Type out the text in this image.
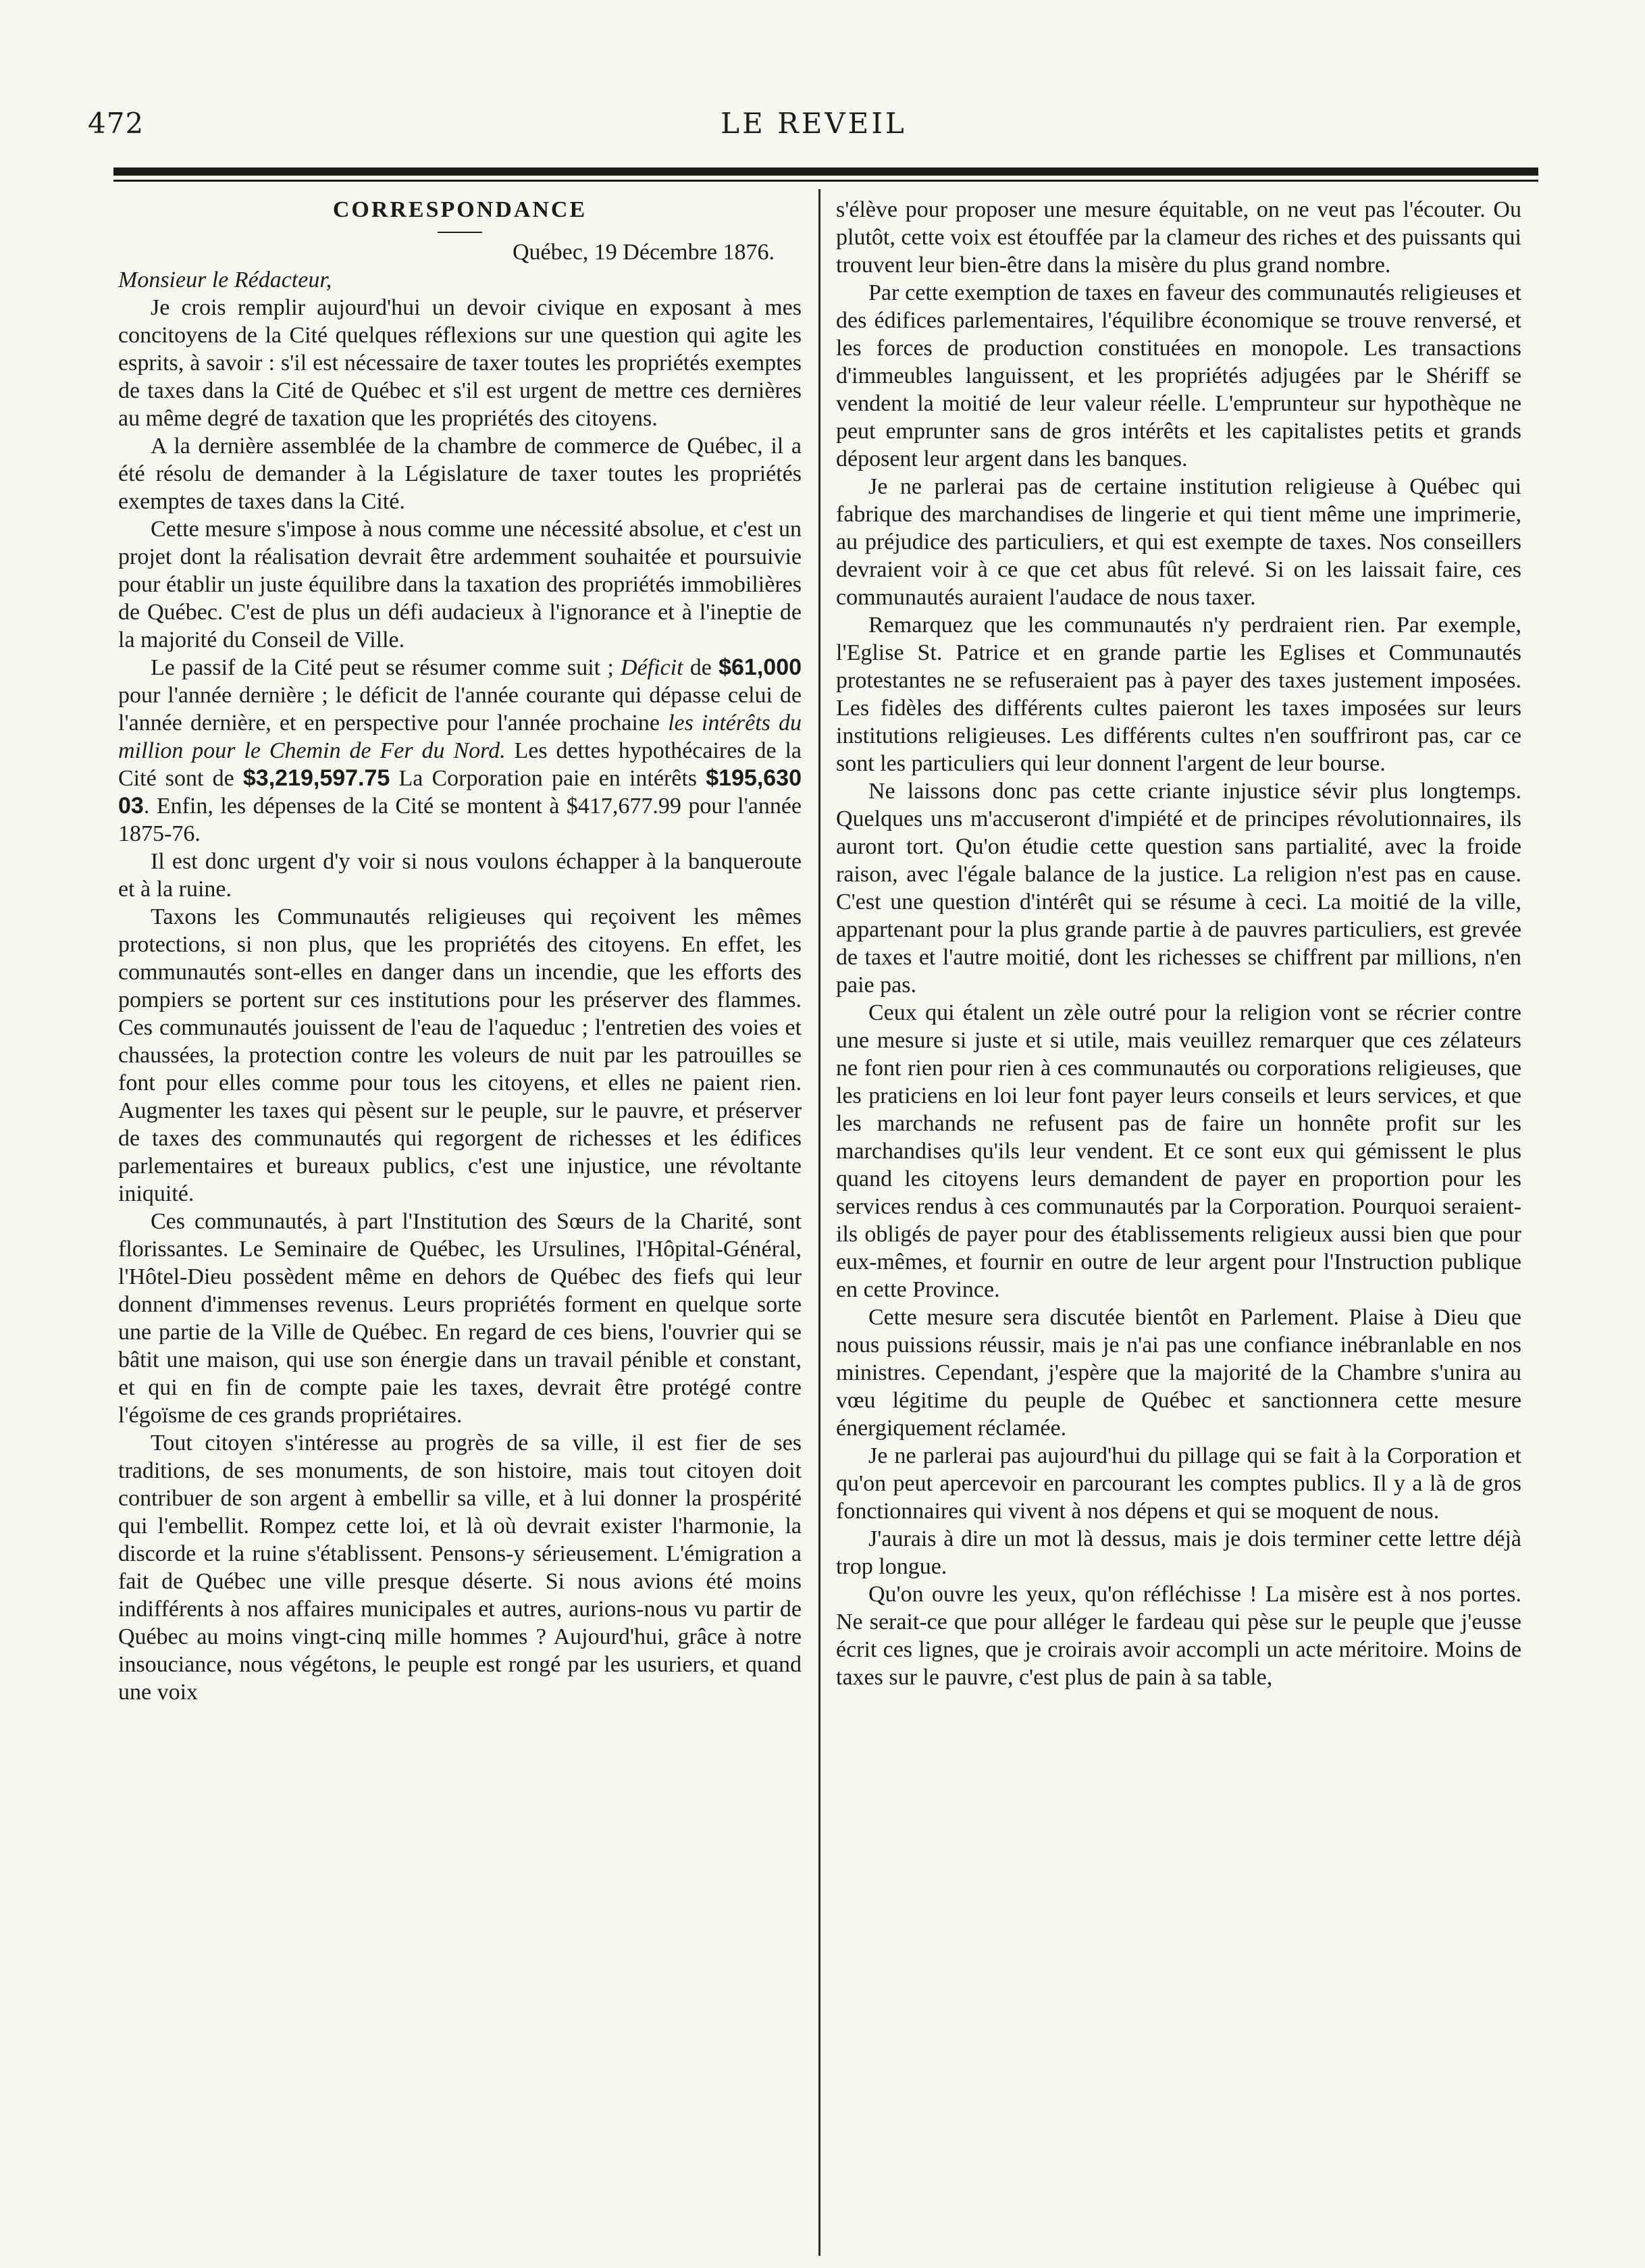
472	LE REVEIL
CORRESPONDANCE

Québec, 19 Décembre 1876.

Monsieur le Rédacteur,

Je crois remplir aujourd'hui un devoir civique en exposant à mes concitoyens de la Cité quelques réflexions sur une question qui agite les esprits, à savoir : s'il est nécessaire de taxer toutes les propriétés exemptes de taxes dans la Cité de Québec et s'il est urgent de mettre ces dernières au même degré de taxation que les propriétés des citoyens.

A la dernière assemblée de la chambre de commerce de Québec, il a été résolu de demander à la Législature de taxer toutes les propriétés exemptes de taxes dans la Cité.

Cette mesure s'impose à nous comme une nécessité absolue, et c'est un projet dont la réalisation devrait être ardemment souhaitée et poursuivie pour établir un juste équilibre dans la taxation des propriétés immobilières de Québec. C'est de plus un défi audacieux à l'ignorance et à l'ineptie de la majorité du Conseil de Ville.

Le passif de la Cité peut se résumer comme suit ; Déficit de $61,000 pour l'année dernière ; le déficit de l'année courante qui dépasse celui de l'année dernière, et en perspective pour l'année prochaine les intérêts du million pour le Chemin de Fer du Nord. Les dettes hypothécaires de la Cité sont de $3,219,597.75 La Corporation paie en intérêts $195,630 03. Enfin, les dépenses de la Cité se montent à $417,677.99 pour l'année 1875-76.

Il est donc urgent d'y voir si nous voulons échapper à la banqueroute et à la ruine.

Taxons les Communautés religieuses qui reçoivent les mêmes protections, si non plus, que les propriétés des citoyens. En effet, les communautés sont-elles en danger dans un incendie, que les efforts des pompiers se portent sur ces institutions pour les préserver des flammes. Ces communautés jouissent de l'eau de l'aqueduc ; l'entretien des voies et chaussées, la protection contre les voleurs de nuit par les patrouilles se font pour elles comme pour tous les citoyens, et elles ne paient rien. Augmenter les taxes qui pèsent sur le peuple, sur le pauvre, et préserver de taxes des communautés qui regorgent de richesses et les édifices parlementaires et bureaux publics, c'est une injustice, une révoltante iniquité.

Ces communautés, à part l'Institution des Sœurs de la Charité, sont florissantes. Le Seminaire de Québec, les Ursulines, l'Hôpital-Général, l'Hôtel-Dieu possèdent même en dehors de Québec des fiefs qui leur donnent d'immenses revenus. Leurs propriétés forment en quelque sorte une partie de la Ville de Québec. En regard de ces biens, l'ouvrier qui se bâtit une maison, qui use son énergie dans un travail pénible et constant, et qui en fin de compte paie les taxes, devrait être protégé contre l'égoïsme de ces grands propriétaires.

Tout citoyen s'intéresse au progrès de sa ville, il est fier de ses traditions, de ses monuments, de son histoire, mais tout citoyen doit contribuer de son argent à embellir sa ville, et à lui donner la prospérité qui l'embellit. Rompez cette loi, et là où devrait exister l'harmonie, la discorde et la ruine s'établissent. Pensons-y sérieusement. L'émigration a fait de Québec une ville presque déserte. Si nous avions été moins indifférents à nos affaires municipales et autres, aurions-nous vu partir de Québec au moins vingt-cinq mille hommes ? Aujourd'hui, grâce à notre insouciance, nous végétons, le peuple est rongé par les usuriers, et quand une voix

s'élève pour proposer une mesure équitable, on ne veut pas l'écouter. Ou plutôt, cette voix est étouffée par la clameur des riches et des puissants qui trouvent leur bien-être dans la misère du plus grand nombre.

Par cette exemption de taxes en faveur des communautés religieuses et des édifices parlementaires, l'équilibre économique se trouve renversé, et les forces de production constituées en monopole. Les transactions d'immeubles languissent, et les propriétés adjugées par le Shériff se vendent la moitié de leur valeur réelle. L'emprunteur sur hypothèque ne peut emprunter sans de gros intérêts et les capitalistes petits et grands déposent leur argent dans les banques.

Je ne parlerai pas de certaine institution religieuse à Québec qui fabrique des marchandises de lingerie et qui tient même une imprimerie, au préjudice des particuliers, et qui est exempte de taxes. Nos conseillers devraient voir à ce que cet abus fût relevé. Si on les laissait faire, ces communautés auraient l'audace de nous taxer.

Remarquez que les communautés n'y perdraient rien. Par exemple, l'Eglise St. Patrice et en grande partie les Eglises et Communautés protestantes ne se refuseraient pas à payer des taxes justement imposées. Les fidèles des différents cultes paieront les taxes imposées sur leurs institutions religieuses. Les différents cultes n'en souffriront pas, car ce sont les particuliers qui leur donnent l'argent de leur bourse.

Ne laissons donc pas cette criante injustice sévir plus longtemps. Quelques uns m'accuseront d'impiété et de principes révolutionnaires, ils auront tort. Qu'on étudie cette question sans partialité, avec la froide raison, avec l'égale balance de la justice. La religion n'est pas en cause. C'est une question d'intérêt qui se résume à ceci. La moitié de la ville, appartenant pour la plus grande partie à de pauvres particuliers, est grevée de taxes et l'autre moitié, dont les richesses se chiffrent par millions, n'en paie pas.

Ceux qui étalent un zèle outré pour la religion vont se récrier contre une mesure si juste et si utile, mais veuillez remarquer que ces zélateurs ne font rien pour rien à ces communautés ou corporations religieuses, que les praticiens en loi leur font payer leurs conseils et leurs services, et que les marchands ne refusent pas de faire un honnête profit sur les marchandises qu'ils leur vendent. Et ce sont eux qui gémissent le plus quand les citoyens leurs demandent de payer en proportion pour les services rendus à ces communautés par la Corporation. Pourquoi seraient-ils obligés de payer pour des établissements religieux aussi bien que pour eux-mêmes, et fournir en outre de leur argent pour l'Instruction publique en cette Province.

Cette mesure sera discutée bientôt en Parlement. Plaise à Dieu que nous puissions réussir, mais je n'ai pas une confiance inébranlable en nos ministres. Cependant, j'espère que la majorité de la Chambre s'unira au vœu légitime du peuple de Québec et sanctionnera cette mesure énergiquement réclamée.

Je ne parlerai pas aujourd'hui du pillage qui se fait à la Corporation et qu'on peut apercevoir en parcourant les comptes publics. Il y a là de gros fonctionnaires qui vivent à nos dépens et qui se moquent de nous.

J'aurais à dire un mot là dessus, mais je dois terminer cette lettre déjà trop longue.

Qu'on ouvre les yeux, qu'on réfléchisse ! La misère est à nos portes. Ne serait-ce que pour alléger le fardeau qui pèse sur le peuple que j'eusse écrit ces lignes, que je croirais avoir accompli un acte méritoire. Moins de taxes sur le pauvre, c'est plus de pain à sa table,
